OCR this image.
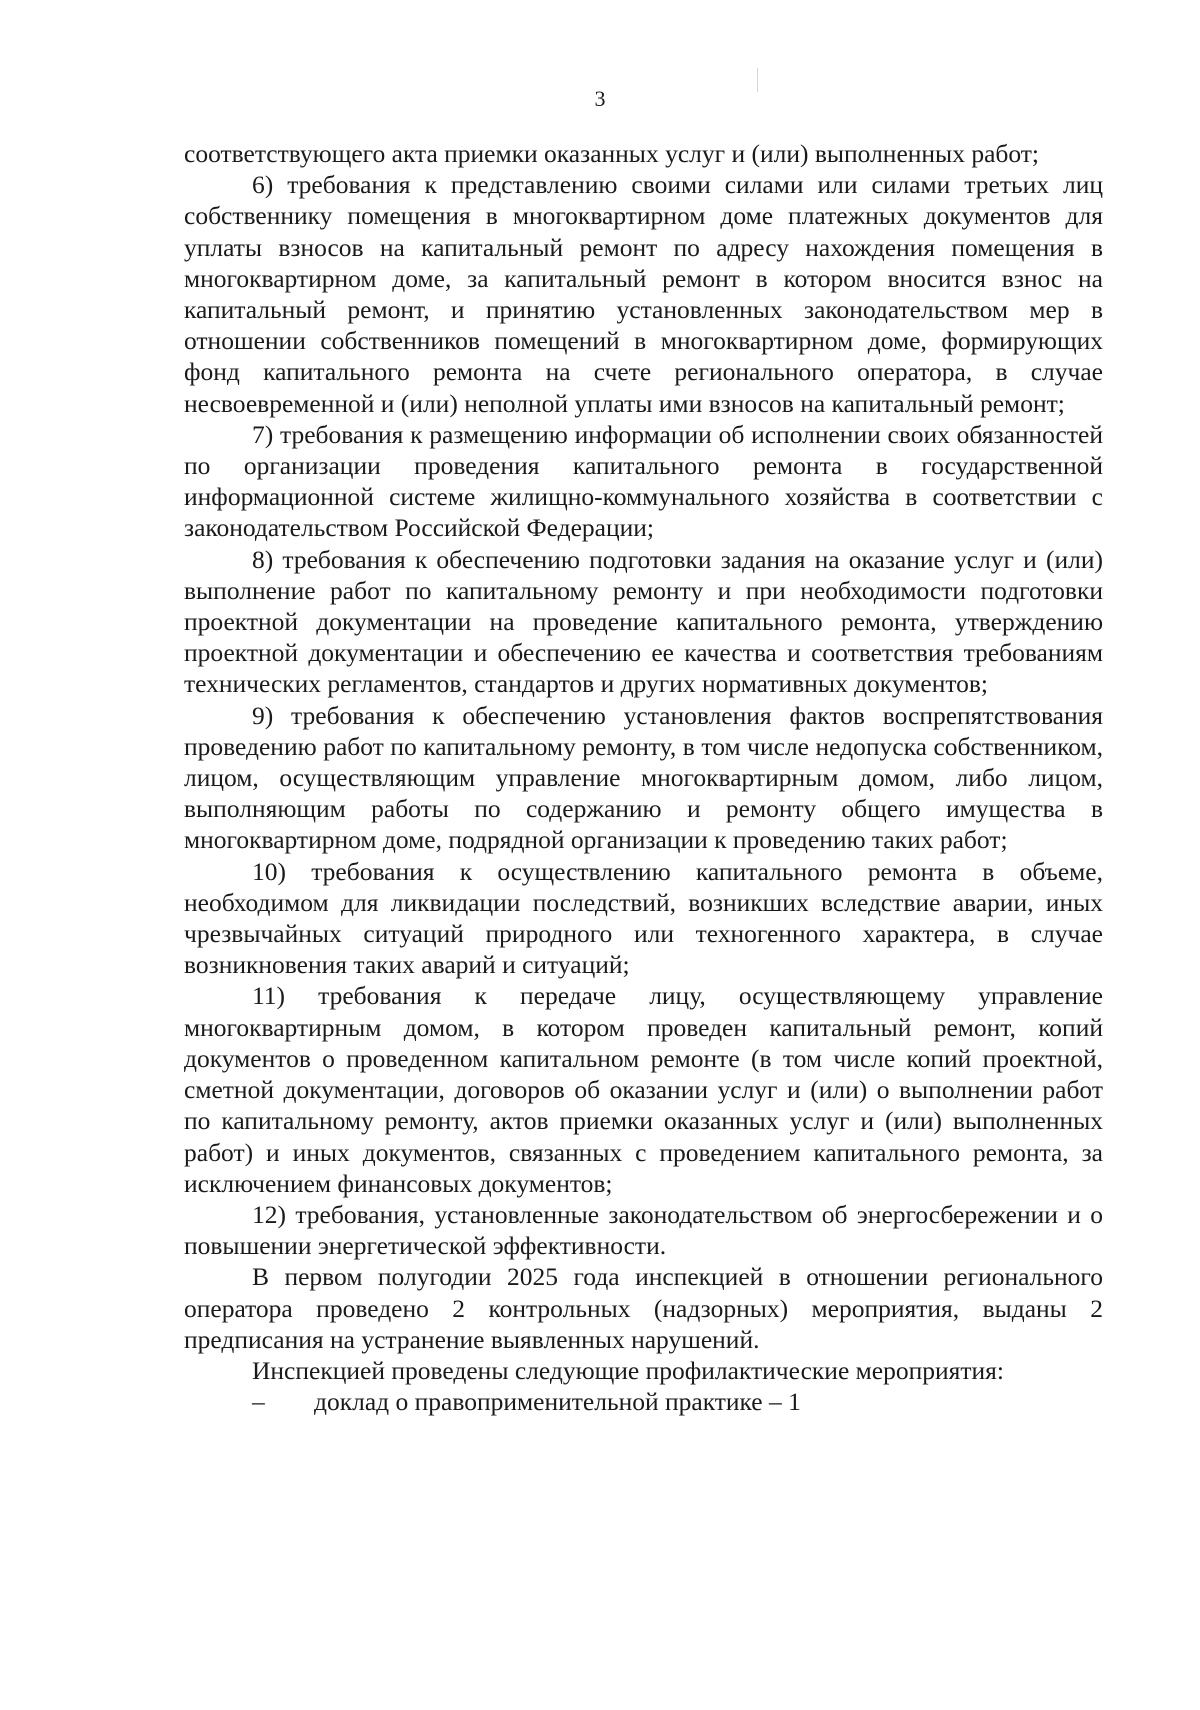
3

соответствующего акта приемки оказанных услуг и (или) выполненных работ;

6) требования к представлению своими силами или силами третьих лиц собственнику помещения в многоквартирном доме платежных документов для уплаты взносов на капитальный ремонт по адресу нахождения помещения в многоквартирном доме, за капитальный ремонт в котором вносится взнос на капитальный ремонт, и принятию установленных законодательством мер в отношении собственников помещений в многоквартирном доме, формирующих фонд капитального ремонта на счете регионального оператора, в случае несвоевременной и (или) неполной уплаты ими взносов на капитальный ремонт;

7) требования к размещению информации об исполнении своих обязанностей по организации проведения капитального ремонта в государственной информационной системе жилищно-коммунального хозяйства в соответствии с законодательством Российской Федерации;

8) требования к обеспечению подготовки задания на оказание услуг и (или) выполнение работ по капитальному ремонту и при необходимости подготовки проектной документации на проведение капитального ремонта, утверждению проектной документации и обеспечению ее качества и соответствия требованиям технических регламентов, стандартов и других нормативных документов;

9) требования к обеспечению установления фактов воспрепятствования проведению работ по капитальному ремонту, в том числе недопуска собственником, лицом, осуществляющим управление многоквартирным домом, либо лицом, выполняющим работы по содержанию и ремонту общего имущества в многоквартирном доме, подрядной организации к проведению таких работ;

10) требования к осуществлению капитального ремонта в объеме, необходимом для ликвидации последствий, возникших вследствие аварии, иных чрезвычайных ситуаций природного или техногенного характера, в случае возникновения таких аварий и ситуаций;

11) требования к передаче лицу, осуществляющему управление многоквартирным домом, в котором проведен капитальный ремонт, копий документов о проведенном капитальном ремонте (в том числе копий проектной, сметной документации, договоров об оказании услуг и (или) о выполнении работ по капитальному ремонту, актов приемки оказанных услуг и (или) выполненных работ) и иных документов, связанных с проведением капитального ремонта, за исключением финансовых документов;

12) требования, установленные законодательством об энергосбережении и о повышении энергетической эффективности.

В первом полугодии 2025 года инспекцией в отношении регионального оператора проведено 2 контрольных (надзорных) мероприятия, выданы 2 предписания на устранение выявленных нарушений.

Инспекцией проведены следующие профилактические мероприятия:

–	доклад о правоприменительной практике – 1
